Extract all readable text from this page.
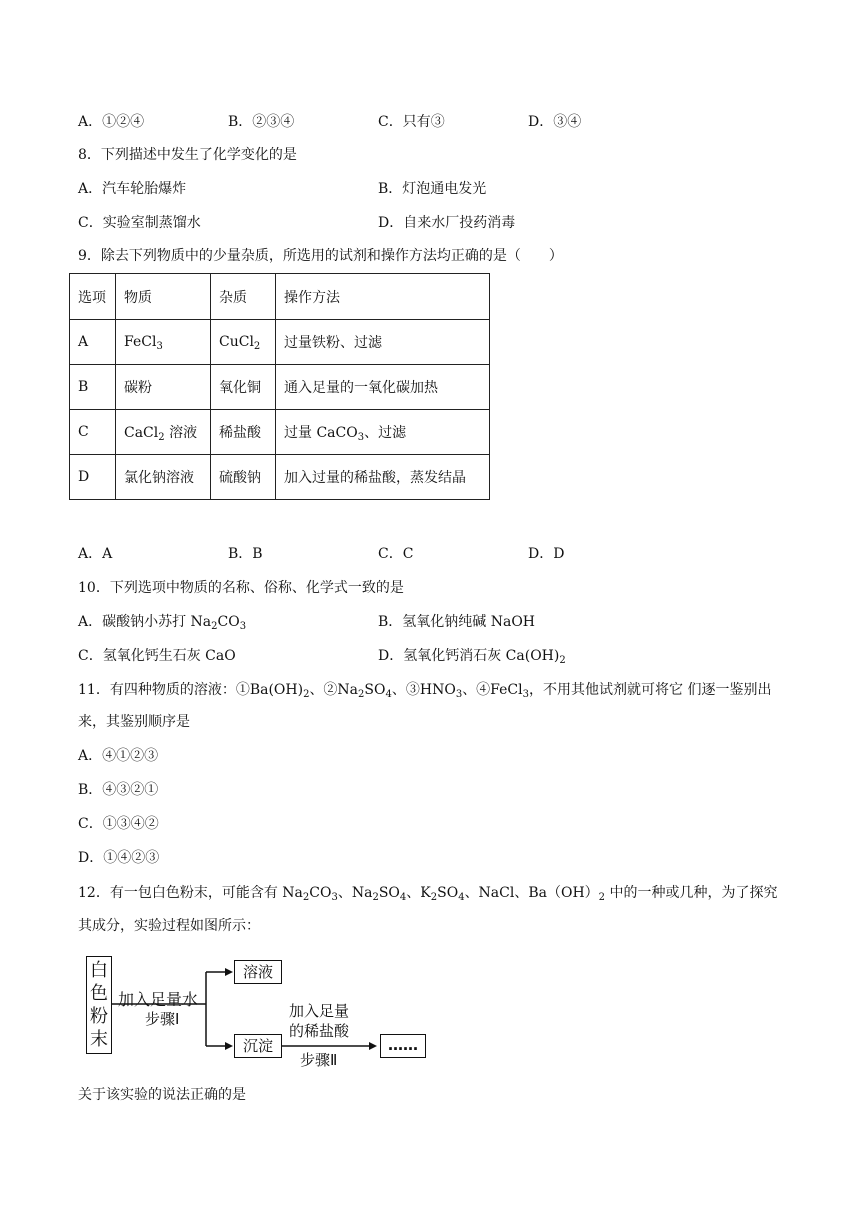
A．①②④	B．②③④	C．只有③	D．③④
8．下列描述中发生了化学变化的是
A．汽车轮胎爆炸	B．灯泡通电发光
C．实验室制蒸馏水	D．自来水厂投药消毒
9．除去下列物质中的少量杂质，所选用的试剂和操作方法均正确的是（　　）
选项	物质	杂质	操作方法
A	FeCl$_3$	CuCl$_2$	过量铁粉、过滤
B	碳粉	氧化铜	通入足量的一氧化碳加热
C	CaCl$_2$ 溶液	稀盐酸	过量 CaCO$_3$、过滤
D	氯化钠溶液	硫酸钠	加入过量的稀盐酸，蒸发结晶
A．A	B．B	C．C	D．D
10．下列选项中物质的名称、俗称、化学式一致的是
A．碳酸钠小苏打 $Na_2CO_3$	B．氢氧化钠纯碱 NaOH
C．氢氧化钙生石灰 CaO	D．氢氧化钙消石灰 $Ca(OH)_2$
11．有四种物质的溶液：$①Ba(OH)_2$、$②Na_2SO_4$、$③HNO_3$、④FeCl$_3$，不用其他试剂就可将它 们逐一鉴别出
来，其鉴别顺序是
A．④①②③
B．④③②①
C．①③④②
D．①④②③
12．有一包白色粉末，可能含有 $Na_2CO_3$、$Na_2SO_4$、$K_2SO_4$、NaCl、$Ba(OH)_2$ 中的一种或几种，为了探究
其成分，实验过程如图所示：
白
色
粉
末
加入足量水
步骤Ⅰ
溶液
沉淀
加入足量
的稀盐酸
步骤Ⅱ
……
关于该实验的说法正确的是
